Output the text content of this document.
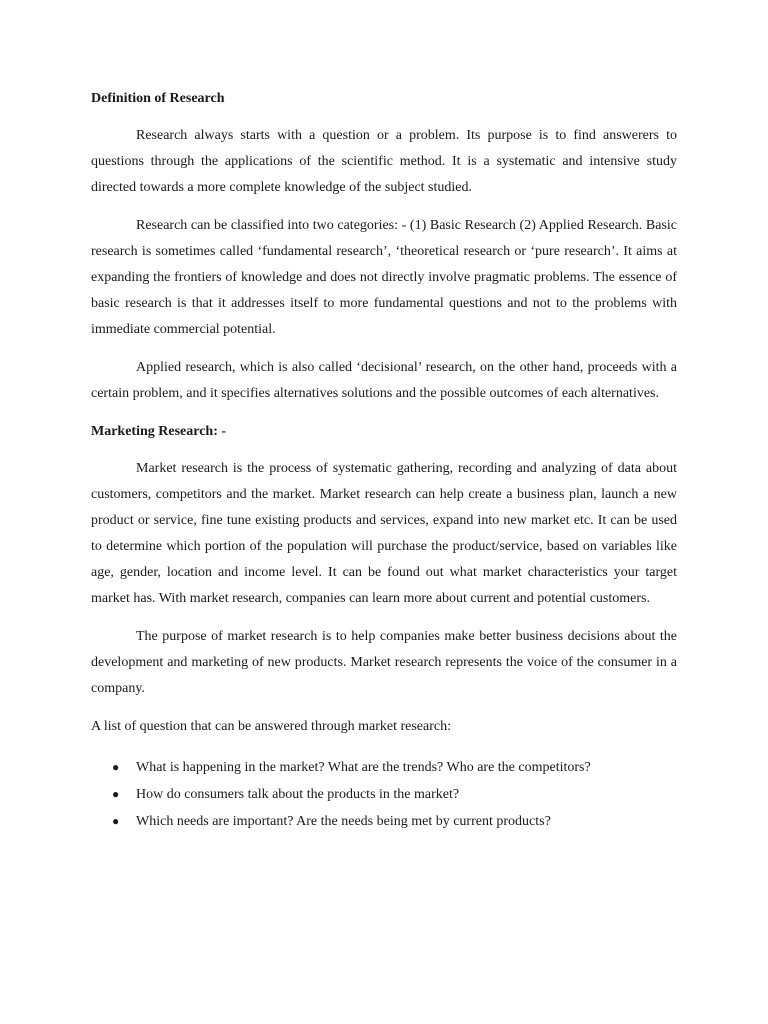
Definition of Research

Research always starts with a question or a problem. Its purpose is to find answerers to questions through the applications of the scientific method. It is a systematic and intensive study directed towards a more complete knowledge of the subject studied.

Research can be classified into two categories: - (1) Basic Research (2) Applied Research. Basic research is sometimes called ‘fundamental research’, ‘theoretical research or ‘pure research’. It aims at expanding the frontiers of knowledge and does not directly involve pragmatic problems. The essence of basic research is that it addresses itself to more fundamental questions and not to the problems with immediate commercial potential.

Applied research, which is also called ‘decisional’ research, on the other hand, proceeds with a certain problem, and it specifies alternatives solutions and the possible outcomes of each alternatives.

Marketing Research: -

Market research is the process of systematic gathering, recording and analyzing of data about customers, competitors and the market. Market research can help create a business plan, launch a new product or service, fine tune existing products and services, expand into new market etc. It can be used to determine which portion of the population will purchase the product/service, based on variables like age, gender, location and income level. It can be found out what market characteristics your target market has. With market research, companies can learn more about current and potential customers.

The purpose of market research is to help companies make better business decisions about the development and marketing of new products. Market research represents the voice of the consumer in a company.

A list of question that can be answered through market research:

● What is happening in the market? What are the trends? Who are the competitors?
● How do consumers talk about the products in the market?
● Which needs are important? Are the needs being met by current products?
